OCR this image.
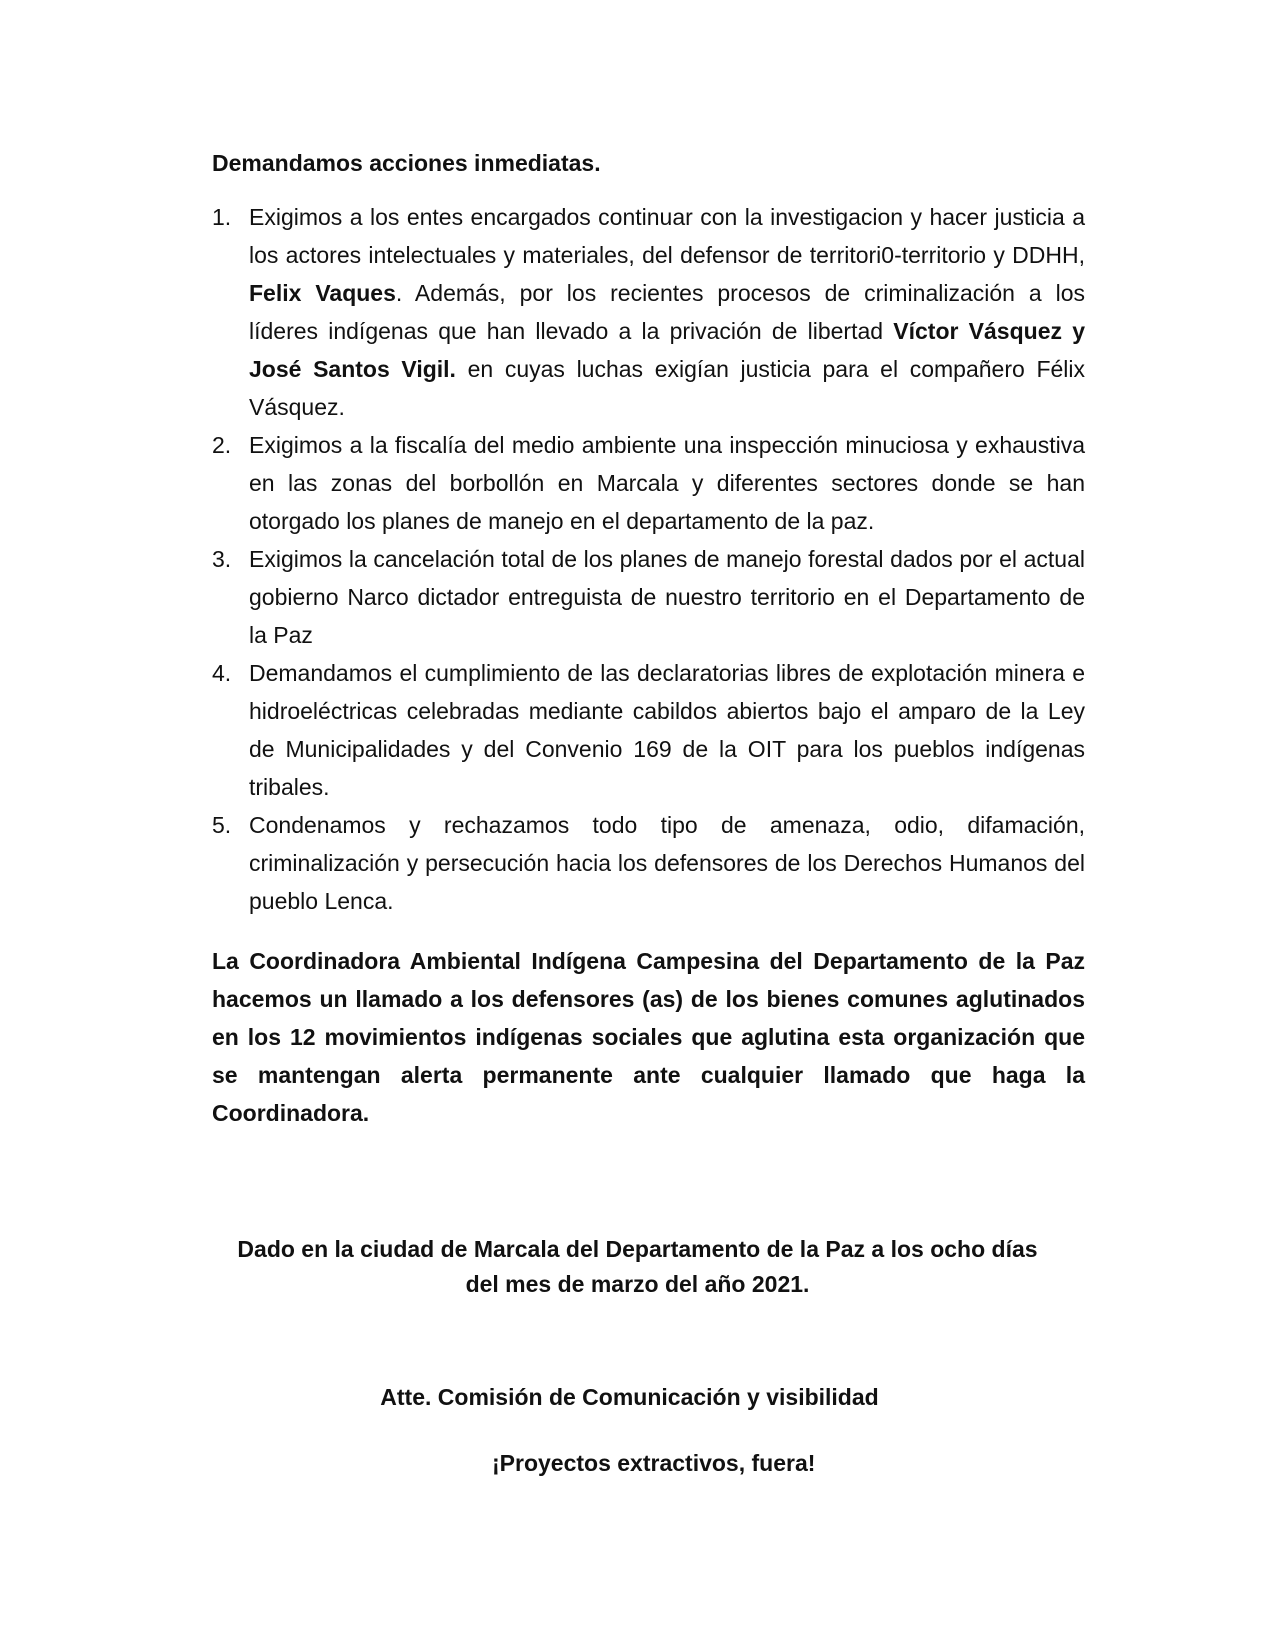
Demandamos acciones inmediatas.

1. Exigimos a los entes encargados continuar con la investigacion y hacer justicia a los actores intelectuales y materiales, del defensor de territori0-territorio y DDHH, Felix Vaques. Además, por los recientes procesos de criminalización a los líderes indígenas que han llevado a la privación de libertad Víctor Vásquez y José Santos Vigil. en cuyas luchas exigían justicia para el compañero Félix Vásquez.
2. Exigimos a la fiscalía del medio ambiente una inspección minuciosa y exhaustiva en las zonas del borbollón en Marcala y diferentes sectores donde se han otorgado los planes de manejo en el departamento de la paz.
3. Exigimos la cancelación total de los planes de manejo forestal dados por el actual gobierno Narco dictador entreguista de nuestro territorio en el Departamento de la Paz
4. Demandamos el cumplimiento de las declaratorias libres de explotación minera e hidroeléctricas celebradas mediante cabildos abiertos bajo el amparo de la Ley de Municipalidades y del Convenio 169 de la OIT para los pueblos indígenas tribales.
5. Condenamos y rechazamos todo tipo de amenaza, odio, difamación, criminalización y persecución hacia los defensores de los Derechos Humanos del pueblo Lenca.

La Coordinadora Ambiental Indígena Campesina del Departamento de la Paz hacemos un llamado a los defensores (as) de los bienes comunes aglutinados en los 12 movimientos indígenas sociales que aglutina esta organización que se mantengan alerta permanente ante cualquier llamado que haga la Coordinadora.

Dado en la ciudad de Marcala del Departamento de la Paz a los ocho días
del mes de marzo del año 2021.
Atte. Comisión de Comunicación y visibilidad
¡Proyectos extractivos, fuera!
